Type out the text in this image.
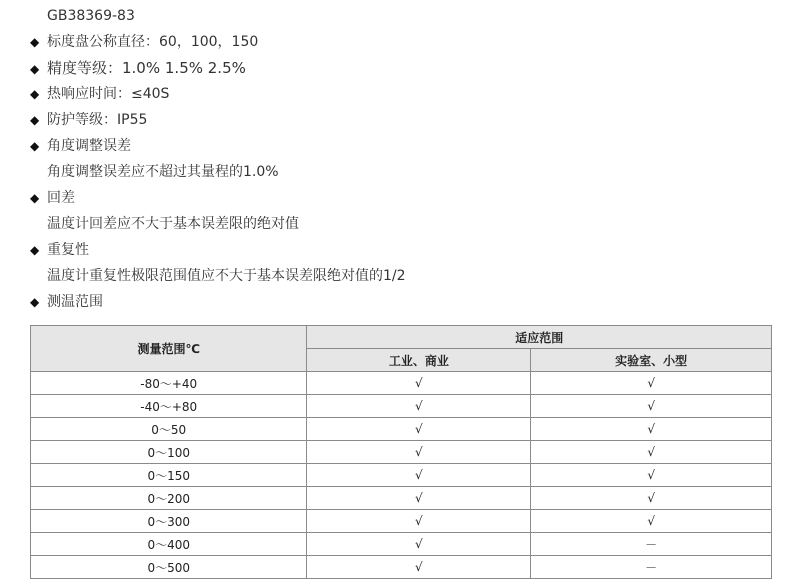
GB38369-83
◆ 标度盘公称直径：60，100，150
◆ 精度等级：1.0% 1.5% 2.5%
◆ 热响应时间：≤40S
◆ 防护等级：IP55
◆ 角度调整误差
角度调整误差应不超过其量程的1.0%
◆ 回差
温度计回差应不大于基本误差限的绝对值
◆ 重复性
温度计重复性极限范围值应不大于基本误差限绝对值的1/2
◆ 测温范围
测量范围℃	适应范围	
	工业、商业	实验室、小型
-80～+40	√	√
-40～+80	√	√
0～50	√	√
0～100	√	√
0～150	√	√
0～200	√	√
0～300	√	√
0～400	√	－
0～500	√	－
